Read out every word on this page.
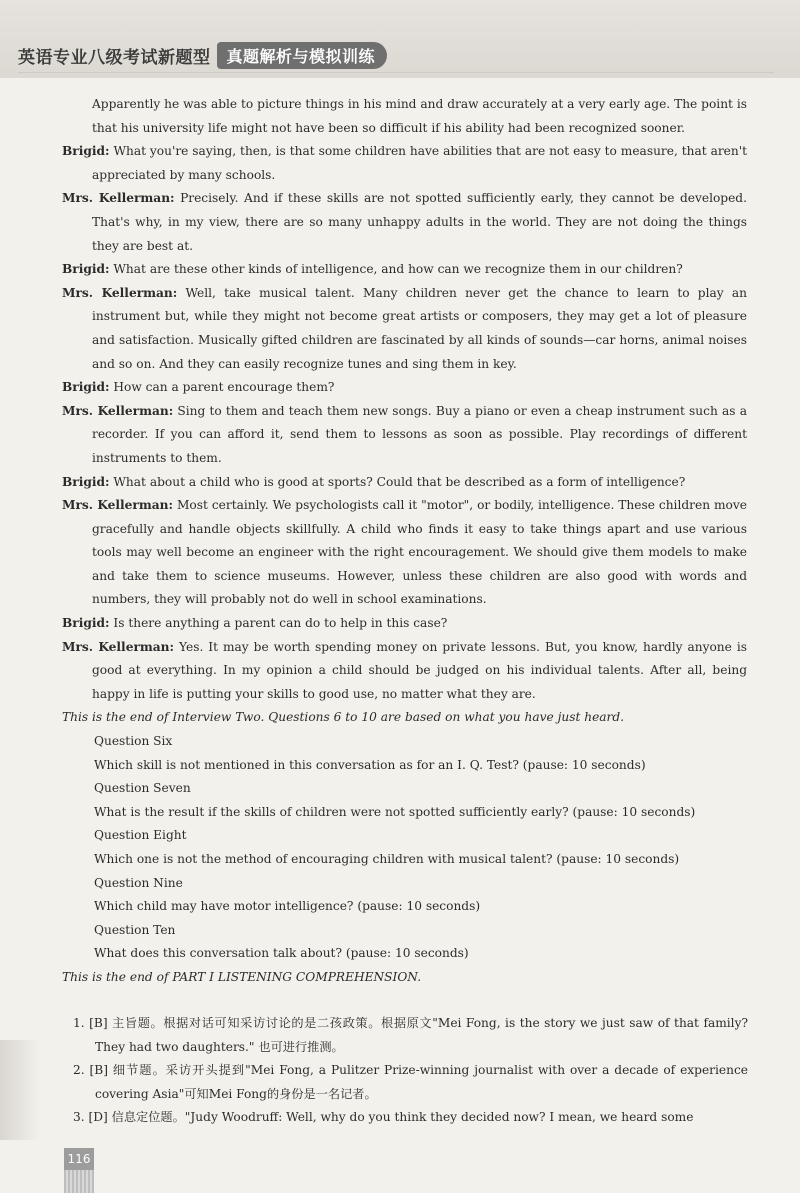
英语专业八级考试新题型	真题解析与模拟训练

Apparently he was able to picture things in his mind and draw accurately at a very early age. The point is that his university life might not have been so difficult if his ability had been recognized sooner.

Brigid: What you're saying, then, is that some children have abilities that are not easy to measure, that aren't appreciated by many schools.

Mrs. Kellerman: Precisely. And if these skills are not spotted sufficiently early, they cannot be developed. That's why, in my view, there are so many unhappy adults in the world. They are not doing the things they are best at.

Brigid: What are these other kinds of intelligence, and how can we recognize them in our children?

Mrs. Kellerman: Well, take musical talent. Many children never get the chance to learn to play an instrument but, while they might not become great artists or composers, they may get a lot of pleasure and satisfaction. Musically gifted children are fascinated by all kinds of sounds—car horns, animal noises and so on. And they can easily recognize tunes and sing them in key.

Brigid: How can a parent encourage them?

Mrs. Kellerman: Sing to them and teach them new songs. Buy a piano or even a cheap instrument such as a recorder. If you can afford it, send them to lessons as soon as possible. Play recordings of different instruments to them.

Brigid: What about a child who is good at sports? Could that be described as a form of intelligence?

Mrs. Kellerman: Most certainly. We psychologists call it "motor", or bodily, intelligence. These children move gracefully and handle objects skillfully. A child who finds it easy to take things apart and use various tools may well become an engineer with the right encouragement. We should give them models to make and take them to science museums. However, unless these children are also good with words and numbers, they will probably not do well in school examinations.

Brigid: Is there anything a parent can do to help in this case?

Mrs. Kellerman: Yes. It may be worth spending money on private lessons. But, you know, hardly anyone is good at everything. In my opinion a child should be judged on his individual talents. After all, being happy in life is putting your skills to good use, no matter what they are.

This is the end of Interview Two. Questions 6 to 10 are based on what you have just heard.

Question Six

Which skill is not mentioned in this conversation as for an I. Q. Test? (pause: 10 seconds)

Question Seven

What is the result if the skills of children were not spotted sufficiently early? (pause: 10 seconds)

Question Eight

Which one is not the method of encouraging children with musical talent? (pause: 10 seconds)

Question Nine

Which child may have motor intelligence? (pause: 10 seconds)

Question Ten

What does this conversation talk about? (pause: 10 seconds)

This is the end of PART I LISTENING COMPREHENSION.

1. [B] 主旨题。根据对话可知采访讨论的是二孩政策。根据原文"Mei Fong, is the story we just saw of that family? They had two daughters." 也可进行推测。

2. [B] 细节题。采访开头提到"Mei Fong, a Pulitzer Prize-winning journalist with over a decade of experience covering Asia"可知Mei Fong的身份是一名记者。

3. [D] 信息定位题。"Judy Woodruff: Well, why do you think they decided now? I mean, we heard some

116
